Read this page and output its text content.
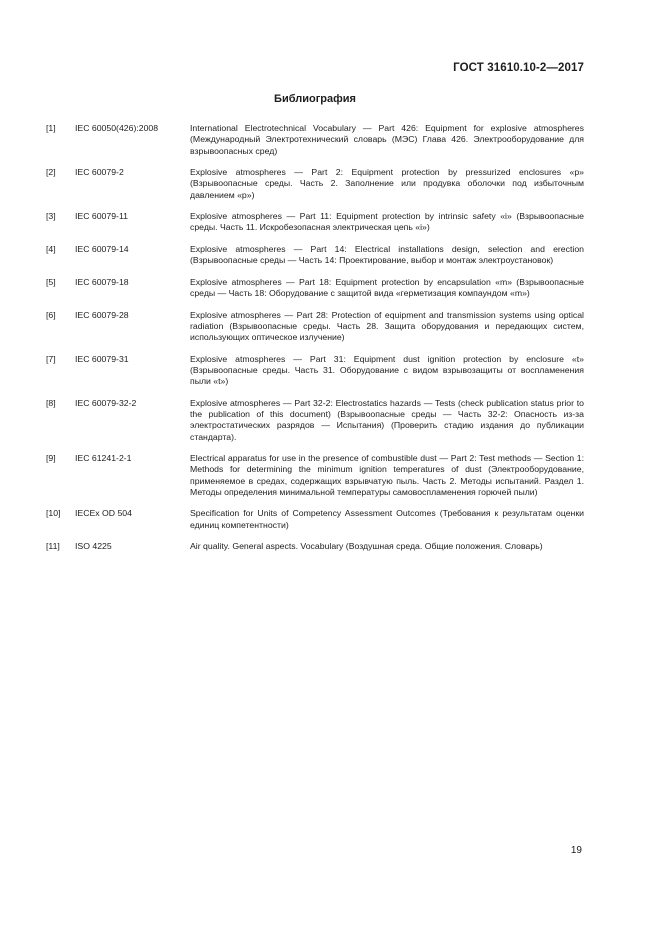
ГОСТ 31610.10-2—2017
Библиография
[1]	IEC 60050(426):2008	International Electrotechnical Vocabulary — Part 426: Equipment for explosive atmospheres (Международный Электротехнический словарь (МЭС) Глава 426. Электрооборудование для взрывоопасных сред)
[2]	IEC 60079-2	Explosive atmospheres — Part 2: Equipment protection by pressurized enclosures «p» (Взрывоопасные среды. Часть 2. Заполнение или продувка оболочки под избыточным давлением «p»)
[3]	IEC 60079-11	Explosive atmospheres — Part 11: Equipment protection by intrinsic safety «i» (Взрывоопасные среды. Часть 11. Искробезопасная электрическая цепь «i»)
[4]	IEC 60079-14	Explosive atmospheres — Part 14: Electrical installations design, selection and erection (Взрывоопасные среды — Часть 14: Проектирование, выбор и монтаж электроустановок)
[5]	IEC 60079-18	Explosive atmospheres — Part 18: Equipment protection by encapsulation «m» (Взрывоопасные среды — Часть 18: Оборудование с защитой вида «герметизация компаундом «m»)
[6]	IEC 60079-28	Explosive atmospheres — Part 28: Protection of equipment and transmission systems using optical radiation (Взрывоопасные среды. Часть 28. Защита оборудования и передающих систем, использующих оптическое излучение)
[7]	IEC 60079-31	Explosive atmospheres — Part 31: Equipment dust ignition protection by enclosure «t» (Взрывоопасные среды. Часть 31. Оборудование с видом взрывозащиты от воспламенения пыли «t»)
[8]	IEC 60079-32-2	Explosive atmospheres — Part 32-2: Electrostatics hazards — Tests (check publication status prior to the publication of this document) (Взрывоопасные среды — Часть 32-2: Опасность из-за электростатических разрядов — Испытания) (Проверить стадию издания до публикации стандарта).
[9]	IEC 61241-2-1	Electrical apparatus for use in the presence of combustible dust — Part 2: Test methods — Section 1: Methods for determining the minimum ignition temperatures of dust (Электрооборудование, применяемое в средах, содержащих взрывчатую пыль. Часть 2. Методы испытаний. Раздел 1. Методы определения минимальной температуры самовоспламенения горючей пыли)
[10]	IECEx OD 504	Specification for Units of Competency Assessment Outcomes (Требования к результатам оценки единиц компетентности)
[11]	ISO 4225	Air quality. General aspects. Vocabulary (Воздушная среда. Общие положения. Словарь)
19
